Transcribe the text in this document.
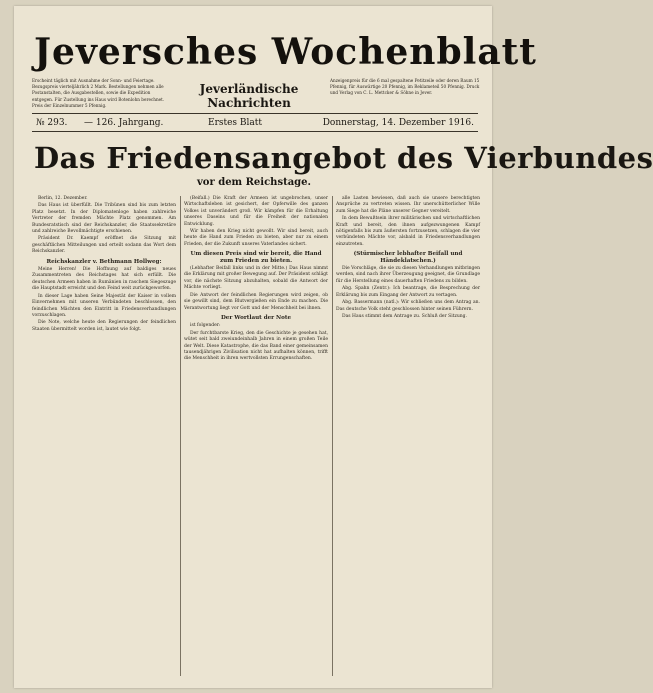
Jeversches Wochenblatt
Erscheint täglich mit Ausnahme der Sonn- und Feiertage. Bezugspreis vierteljährlich 2 Mark. Bestellungen nehmen alle Postanstalten, die Ausgabestellen, sowie die Expedition entgegen. Für Zustellung ins Haus wird Botenlohn berechnet. Preis der Einzelnummer 5 Pfennig.
Jeverländische Nachrichten
Anzeigenpreis für die 6 mal gespaltene Petitzeile oder deren Raum 15 Pfennig, für Auswärtige 20 Pfennig, im Reklameteil 50 Pfennig. Druck und Verlag von C. L. Mettcker & Söhne in Jever.
№ 293. — 126. Jahrgang.	Erstes Blatt	Donnerstag, 14. Dezember 1916.
Das Friedensangebot des Vierbundes
vor dem Reichstage.

Berlin, 12. Dezember.

Das Haus ist überfüllt. Die Tribünen sind bis zum letzten Platz besetzt. In der Diplomatenloge haben zahlreiche Vertreter der fremden Mächte Platz genommen. Am Bundesratstisch sind der Reichskanzler, die Staatssekretäre und zahlreiche Bevollmächtigte erschienen.

Präsident Dr. Kaempf eröffnet die Sitzung mit geschäftlichen Mitteilungen und erteilt sodann das Wort dem Reichskanzler.

Reichskanzler v. Bethmann Hollweg:

Meine Herren! Die Hoffnung auf baldiges neues Zusammentreten des Reichstages hat sich erfüllt. Die deutschen Armeen haben in Rumänien in raschem Siegeszuge die Hauptstadt erreicht und den Feind weit zurückgeworfen.

In dieser Lage haben Seine Majestät der Kaiser in vollem Einvernehmen mit unseren Verbündeten beschlossen, den feindlichen Mächten den Eintritt in Friedensverhandlungen vorzuschlagen.

Die Note, welche heute den Regierungen der feindlichen Staaten übermittelt worden ist, lautet wie folgt.

(Beifall.) Die Kraft der Armeen ist ungebrochen, unser Wirtschaftsleben ist gesichert, der Opferwille des ganzen Volkes ist unverändert groß. Wir kämpfen für die Erhaltung unseres Daseins und für die Freiheit der nationalen Entwicklung.

Wir haben den Krieg nicht gewollt. Wir sind bereit, auch heute die Hand zum Frieden zu bieten, aber nur zu einem Frieden, der die Zukunft unseres Vaterlandes sichert.

Um diesen Preis sind wir bereit, die Hand zum Frieden zu bieten.

(Lebhafter Beifall links und in der Mitte.) Das Haus nimmt die Erklärung mit großer Bewegung auf. Der Präsident schlägt vor, die nächste Sitzung abzuhalten, sobald die Antwort der Mächte vorliegt.

Die Antwort der feindlichen Regierungen wird zeigen, ob sie gewillt sind, dem Blutvergießen ein Ende zu machen. Die Verantwortung liegt vor Gott und der Menschheit bei ihnen.

Der Wortlaut der Note

ist folgender:

Der furchtbarste Krieg, den die Geschichte je gesehen hat, wütet seit bald zweiundeinhalb Jahren in einem großen Teile der Welt. Diese Katastrophe, die das Band einer gemeinsamen tausendjährigen Zivilisation nicht hat aufhalten können, trifft die Menschheit in ihren wertvollsten Errungenschaften.

alle Lasten bewiesen, daß auch sie unsere berechtigten Ansprüche zu vertreten wissen. Ihr unerschütterlicher Wille zum Siege hat die Pläne unserer Gegner vereitelt.

In dem Bewußtsein ihrer militärischen und wirtschaftlichen Kraft und bereit, den ihnen aufgezwungenen Kampf nötigenfalls bis zum äußersten fortzusetzen, schlagen die vier verbündeten Mächte vor, alsbald in Friedensverhandlungen einzutreten.

(Stürmischer lebhafter Beifall und Händeklatschen.)

Die Vorschläge, die sie zu diesen Verhandlungen mitbringen werden, sind nach ihrer Überzeugung geeignet, die Grundlage für die Herstellung eines dauerhaften Friedens zu bilden.

Abg. Spahn (Zentr.): Ich beantrage, die Besprechung der Erklärung bis zum Eingang der Antwort zu vertagen.

Abg. Bassermann (natl.): Wir schließen uns dem Antrag an. Das deutsche Volk steht geschlossen hinter seinen Führern.

Das Haus stimmt dem Antrage zu. Schluß der Sitzung.
